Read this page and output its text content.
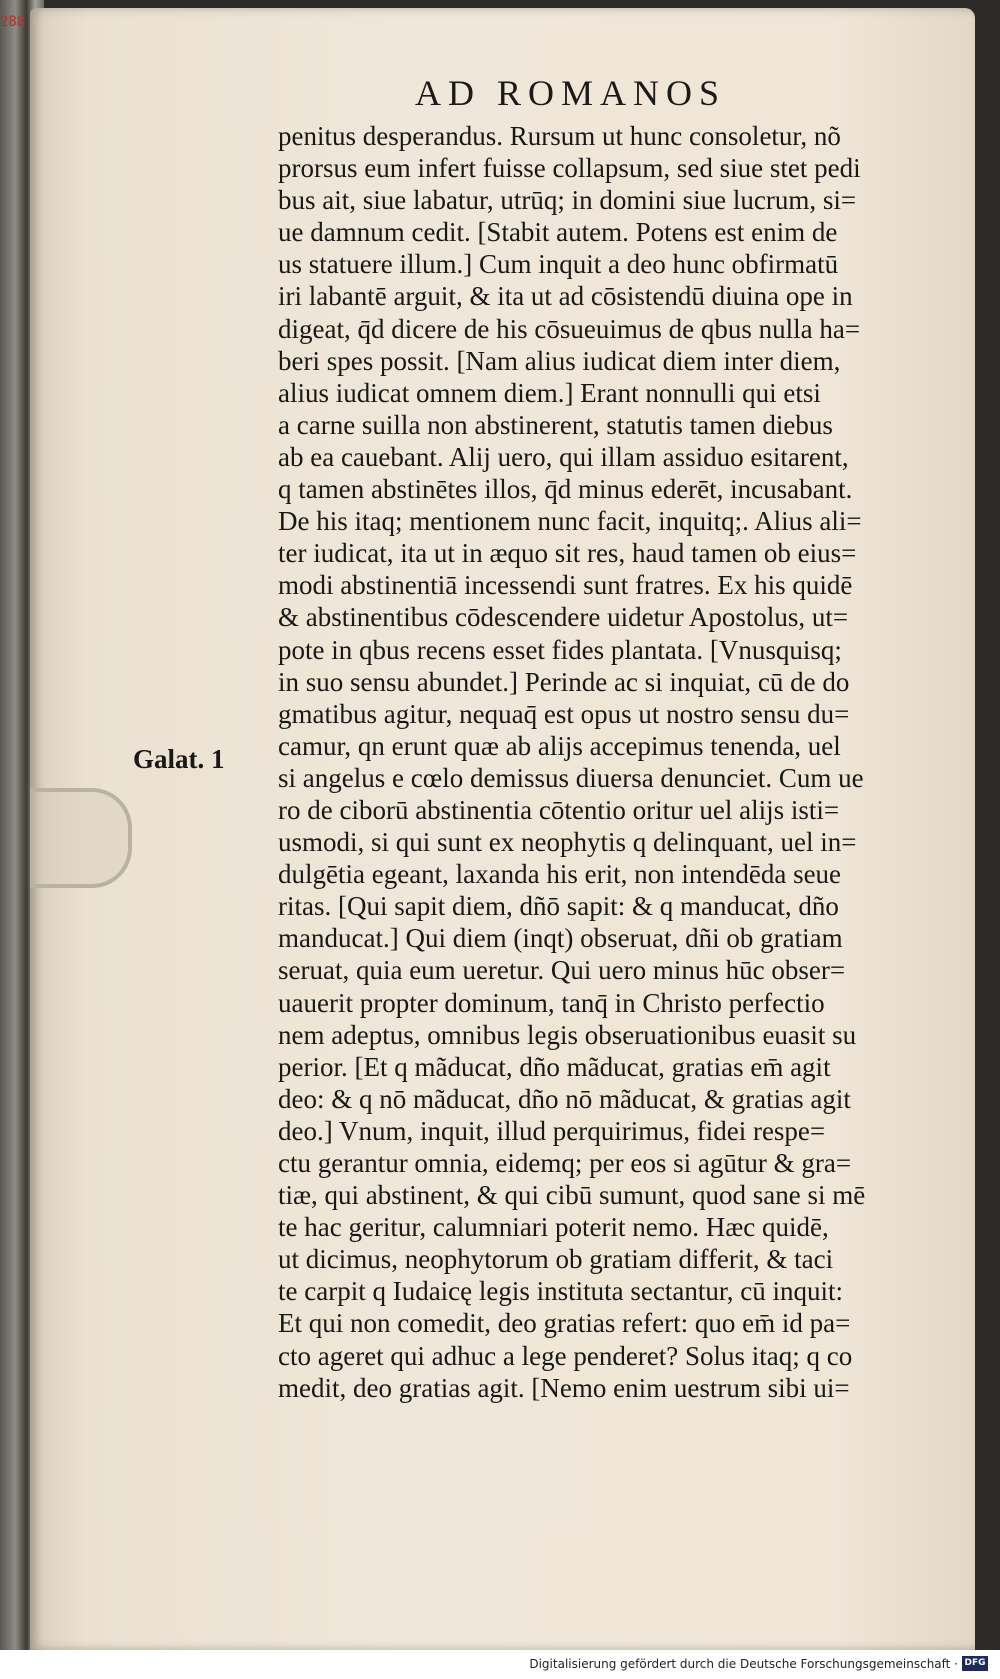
AD ROMANOS
Galat. 1
penitus desperandus. Rursum ut hunc consoletur, nõ
prorsus eum infert fuisse collapsum, sed siue stet pedi
bus ait, siue labatur, utrūq; in domini siue lucrum, si=
ue damnum cedit. [Stabit autem. Potens est enim de
us statuere illum.] Cum inquit a deo hunc obfirmatū
iri labantē arguit, & ita ut ad cōsistendū diuina ope in
digeat, q̄d dicere de his cōsueuimus de qbus nulla ha=
beri spes possit. [Nam alius iudicat diem inter diem,
alius iudicat omnem diem.] Erant nonnulli qui etsi
a carne suilla non abstinerent, statutis tamen diebus
ab ea cauebant. Alij uero, qui illam assiduo esitarent,
q tamen abstinētes illos, q̄d minus ederēt, incusabant.
De his itaq; mentionem nunc facit, inquitq;. Alius ali=
ter iudicat, ita ut in æquo sit res, haud tamen ob eius=
modi abstinentiā incessendi sunt fratres. Ex his quidē
& abstinentibus cōdescendere uidetur Apostolus, ut=
pote in qbus recens esset fides plantata. [Vnusquisq;
in suo sensu abundet.] Perinde ac si inquiat, cū de do
gmatibus agitur, nequaq̄ est opus ut nostro sensu du=
camur, qn erunt quæ ab alijs accepimus tenenda, uel
si angelus e cœlo demissus diuersa denunciet. Cum ue
ro de ciborū abstinentia cōtentio oritur uel alijs isti=
usmodi, si qui sunt ex neophytis q delinquant, uel in=
dulgētia egeant, laxanda his erit, non intendēda seue
ritas. [Qui sapit diem, dñō sapit: & q manducat, dño
manducat.] Qui diem (inqt) obseruat, dñi ob gratiam
seruat, quia eum ueretur. Qui uero minus hūc obser=
uauerit propter dominum, tanq̄ in Christo perfectio
nem adeptus, omnibus legis obseruationibus euasit su
perior. [Et q mãducat, dño mãducat, gratias em̄ agit
deo: & q nō mãducat, dño nō mãducat, & gratias agit
deo.] Vnum, inquit, illud perquirimus, fidei respe=
ctu gerantur omnia, eidemq; per eos si agūtur & gra=
tiæ, qui abstinent, & qui cibū sumunt, quod sane si mē
te hac geritur, calumniari poterit nemo. Hæc quidē,
ut dicimus, neophytorum ob gratiam differit, & taci
te carpit q Iudaicę legis instituta sectantur, cū inquit:
Et qui non comedit, deo gratias refert: quo em̄ id pa=
cto ageret qui adhuc a lege penderet? Solus itaq; q co
medit, deo gratias agit. [Nemo enim uestrum sibi ui=
288
Digitalisierung gefördert durch die Deutsche Forschungsgemeinschaft · DFG
